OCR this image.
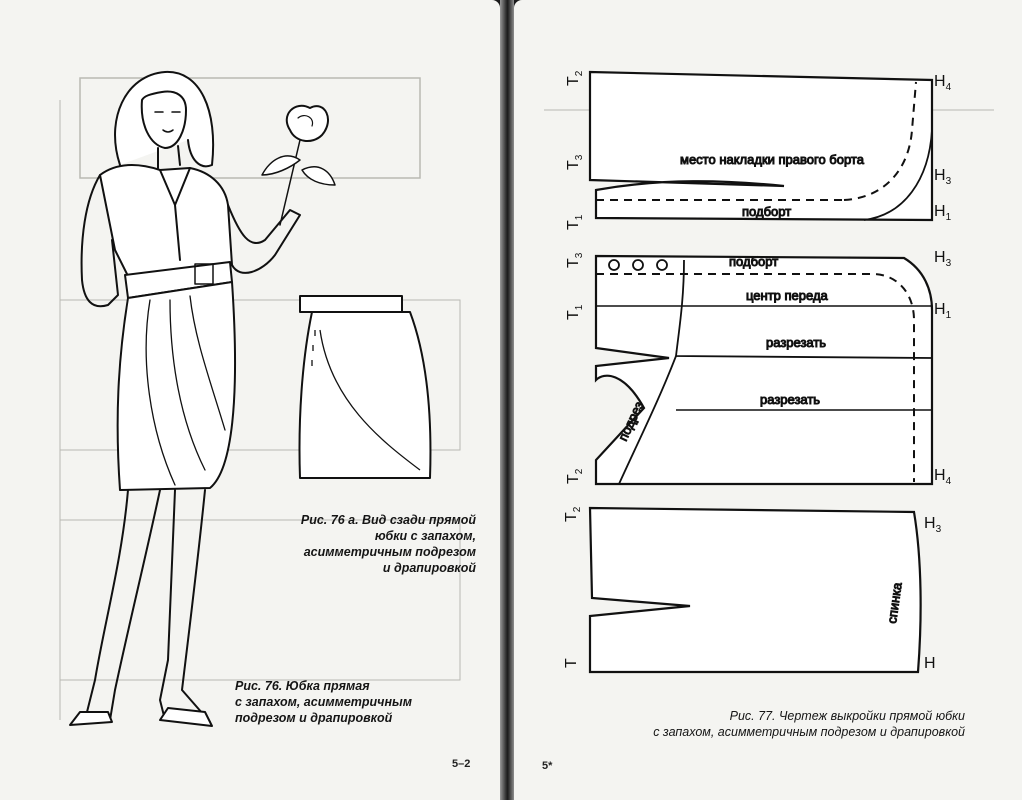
Рис. 76 а. Вид сзади прямой
юбки с запахом,
асимметричным подрезом
и драпировкой
Рис. 76. Юбка прямая
с запахом, асимметричным
подрезом и драпировкой
5–2
место накладки правого борта
подборт
$T_2$
$T_3$
$T_1$
$H_4$
$H_3$
$H_1$
подборт
центр переда
разрезать
разрезать
подрез
$T_3$
$T_1$
$T_2$
$H_3$
$H_1$
$H_4$
спинка
$T_2$
T
$H_3$
H
Рис. 77. Чертеж выкройки прямой юбки
с запахом, асимметричным подрезом и драпировкой
5*
